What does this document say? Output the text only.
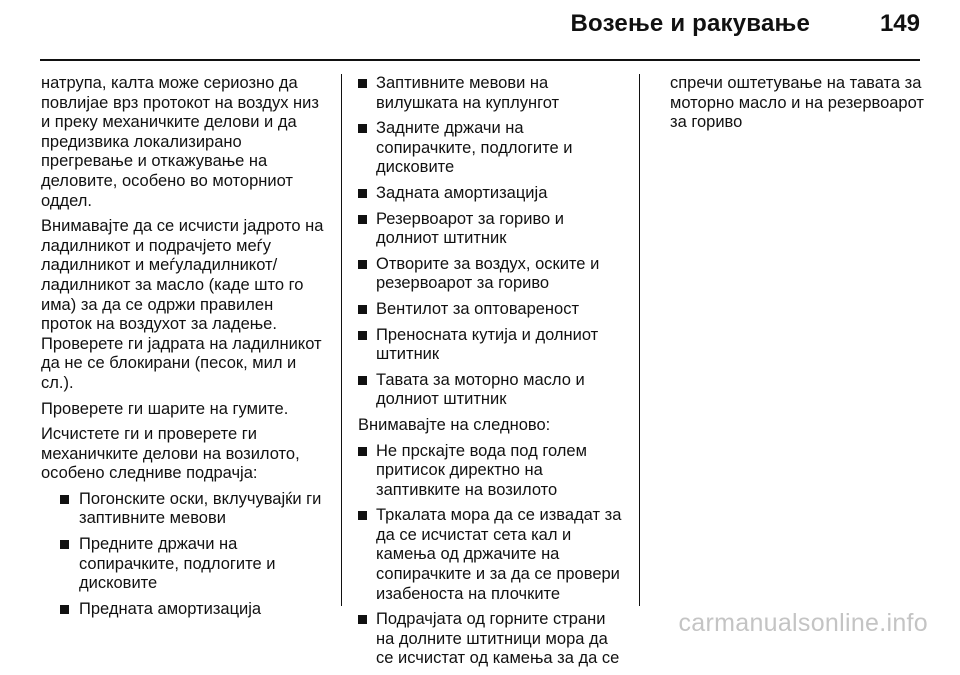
Возење и ракување	149

натрупа, калта може сериозно да повлијае врз протокот на воздух низ и преку механичките делови и да предизвика локализирано прегревање и откажување на деловите, особено во моторниот оддел.

Внимавајте да се исчисти јадрото на ладилникот и подрачјето меѓу ладилникот и меѓуладилникот/ ладилникот за масло (каде што го има) за да се одржи правилен проток на воздухот за ладење. Проверете ги јадрата на ладилникот да не се блокирани (песок, мил и сл.).

Проверете ги шарите на гумите.

Исчистете ги и проверете ги механичките делови на возилото, особено следниве подрачја:

Погонските оски, вклучувајќи ги заптивните мевови
Предните држачи на сопирачките, подлогите и дисковите
Предната амортизација
Заптивните мевови на вилушката на куплунгот
Задните држачи на сопирачките, подлогите и дисковите
Задната амортизација
Резервоарот за гориво и долниот штитник
Отворите за воздух, оските и резервоарот за гориво
Вентилот за оптовареност
Преносната кутија и долниот штитник
Тавата за моторно масло и долниот штитник

Внимавајте на следново:

Не прскајте вода под голем притисок директно на заптивките на возилото
Тркалата мора да се извадат за да се исчистат сета кал и камења од држачите на сопирачките и за да се провери изабеноста на плочките
Подрачјата од горните страни на долните штитници мора да се исчистат од камења за да се

спречи оштетување на тавата за моторно масло и на резервоарот за гориво

carmanualsonline.info
